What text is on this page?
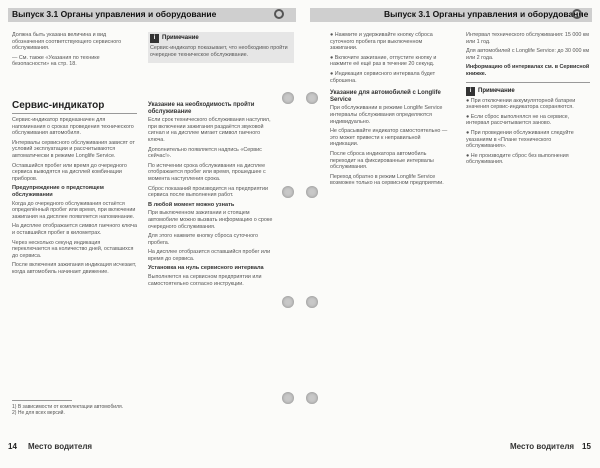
Выпуск 3.1 Органы управления и оборудование

Должна быть указана величина и вид обозначения соответствующего сервисного обслуживания.

— См. также «Указания по технике безопасности» на стр. 18.

i	Примечание

Сервис-индикатор показывает, что необходимо пройти очередное техническое обслуживание.

Сервис-индикатор

Сервис-индикатор предназначен для напоминания о сроках проведения технического обслуживания автомобиля.

Интервалы сервисного обслуживания зависят от условий эксплуатации и рассчитываются автоматически в режиме Longlife Service.

Оставшийся пробег или время до очередного сервиса выводятся на дисплей комбинации приборов.

Предупреждение о предстоящем обслуживании

Когда до очередного обслуживания остаётся определённый пробег или время, при включении зажигания на дисплее появляется напоминание.

На дисплее отображается символ гаечного ключа и оставшийся пробег в километрах.

Через несколько секунд индикация переключается на количество дней, оставшихся до сервиса.

После включения зажигания индикация исчезает, когда автомобиль начинает движение.

Указание на необходимость пройти обслуживание

Если срок технического обслуживания наступил, при включении зажигания раздаётся звуковой сигнал и на дисплее мигает символ гаечного ключа.

Дополнительно появляется надпись «Сервис сейчас!».

По истечении срока обслуживания на дисплее отображается пробег или время, прошедшее с момента наступления срока.

Сброс показаний производится на предприятии сервиса после выполнения работ.

В любой момент можно узнать

При выключенном зажигании и стоящем автомобиле можно вызвать информацию о сроке очередного обслуживания.

Для этого нажмите кнопку сброса суточного пробега.

На дисплее отобразится оставшийся пробег или время до сервиса.

Установка на нуль сервисного интервала

Выполняется на сервисном предприятии или самостоятельно согласно инструкции.

1) В зависимости от комплектации автомобиля.
2) Не для всех версий.
14 Место водителя
Выпуск 3.1 Органы управления и оборудование

● Нажмите и удерживайте кнопку сброса суточного пробега при выключенном зажигании.

● Включите зажигание, отпустите кнопку и нажмите её ещё раз в течение 20 секунд.

● Индикация сервисного интервала будет сброшена.

Указание для автомобилей с Longlife Service

При обслуживании в режиме Longlife Service интервалы обслуживания определяются индивидуально.

Не сбрасывайте индикатор самостоятельно — это может привести к неправильной индикации.

После сброса индикатора автомобиль переходит на фиксированные интервалы обслуживания.

Переход обратно в режим Longlife Service возможен только на сервисном предприятии.

Интервал технического обслуживания: 15 000 км или 1 год.

Для автомобилей с Longlife Service: до 30 000 км или 2 года.

Информацию об интервалах см. в Сервисной книжке.

i	Примечание

● При отключении аккумуляторной батареи значения сервис-индикатора сохраняются.

● Если сброс выполнялся не на сервисе, интервал рассчитывается заново.

● При проведении обслуживания следуйте указаниям в «Плане технического обслуживания».

● Не производите сброс без выполнения обслуживания.

Место водителя 15
